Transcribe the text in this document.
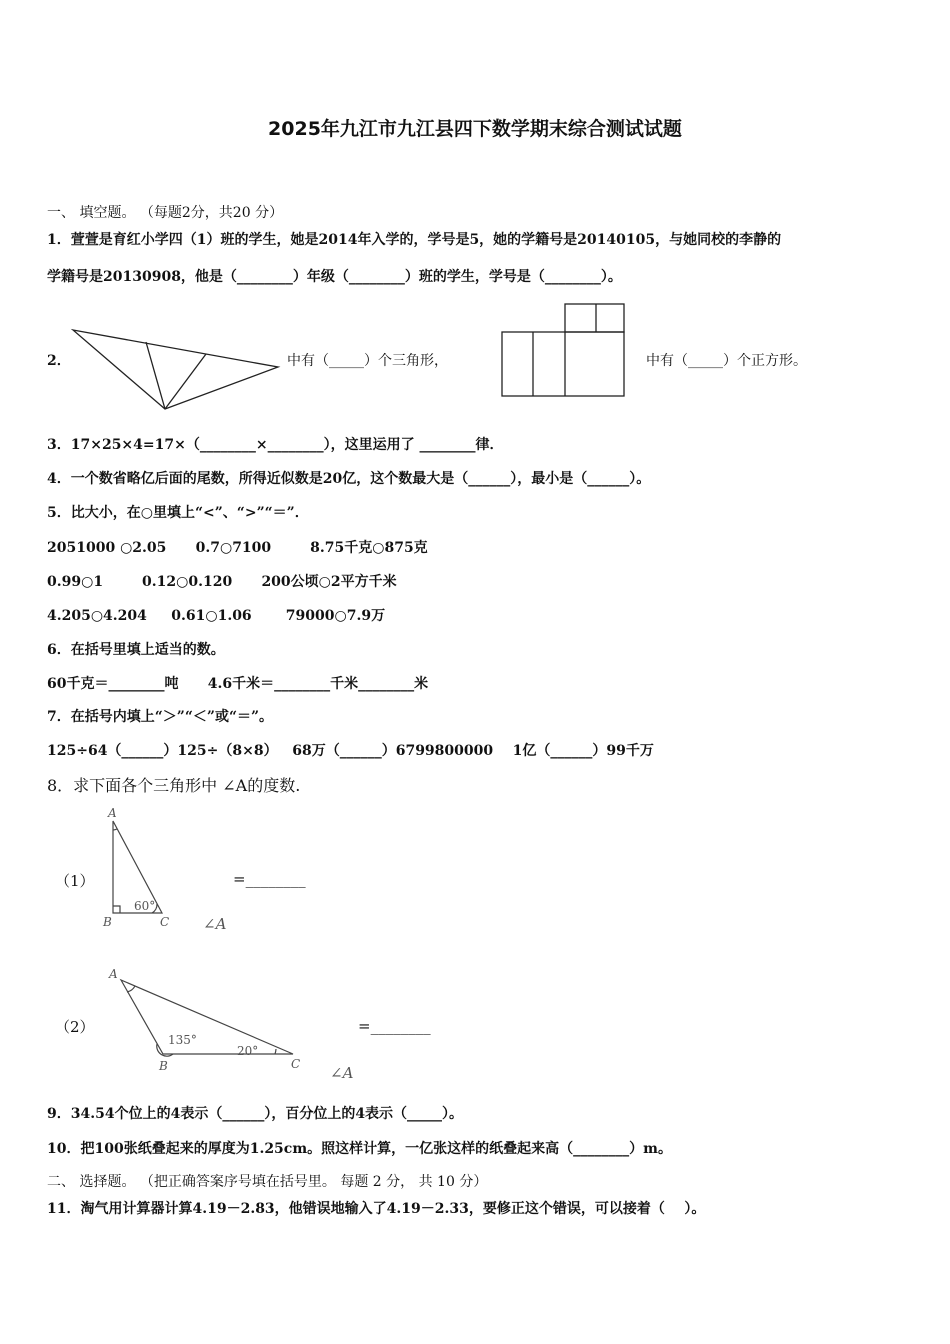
2025年九江市九江县四下数学期末综合测试试题
一、 填空题。 （每题2分，共20 分）
1．萱萱是育红小学四（1）班的学生，她是2014年入学的，学号是5，她的学籍号是20140105，与她同校的李静的
学籍号是20130908，他是（________）年级（________）班的学生，学号是（________）。
2．	中有（_____）个三角形，	中有（_____）个正方形。
3．17×25×4=17×（________×________），这里运用了 ________律．
4．一个数省略亿后面的尾数，所得近似数是20亿，这个数最大是（______），最小是（______）。
5．比大小，在○里填上“<”、“>”“＝”．
2051000 ○2.05      0.7○7100        8.75千克○875克
0.99○1        0.12○0.120      200公顷○2平方千米
4.205○4.204     0.61○1.06       79000○7.9万
6．在括号里填上适当的数。
60千克＝________吨      4.6千米＝________千米________米
7．在括号内填上“＞”“＜”或“＝”。
125÷64（______）125÷（8×8）   68万（______）6799800000    1亿（______）99千万
8．求下面各个三角形中 ∠A的度数.
（1）
A
B	C
60°
=________
∠A
（2）
A
B	C
135°
20°
=________
∠A
9．34.54个位上的4表示（______），百分位上的4表示（_____）。
10．把100张纸叠起来的厚度为1.25cm。照这样计算，一亿张这样的纸叠起来高（________）m。
二、 选择题。 （把正确答案序号填在括号里。 每题 2 分， 共 10 分）
11．淘气用计算器计算4.19－2.83，他错误地输入了4.19－2.33，要修正这个错误，可以接着（    ）。
